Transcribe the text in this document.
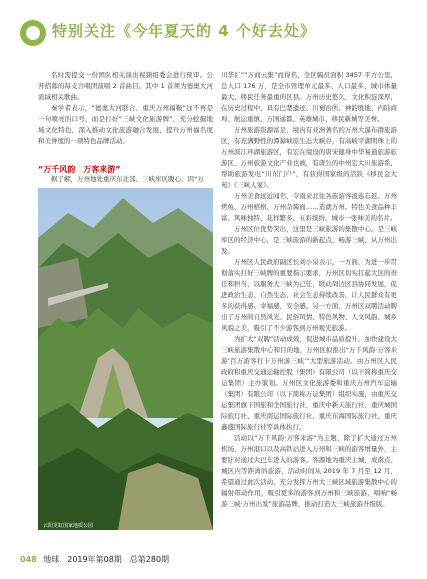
特别关注《今年夏天的 4 个好去处》

名时需提交一份团队相关演出视频组委会进行预审。公开招募的每支合唱团演唱 2 首曲目。其中 1 首须为德奥大河流域相关歌曲。

秦学者表示，“德奥大河联合、重庆万州福鞍”这不再是一句喷亮的口号，而是打好“三峡文化旅游牌”，充分挖掘地域文化特色，深入推动文化旅游融合发展，提升万州福名度和美誉度的一项特色品牌活动。

“万千风韵　万客来游”
据了解，万州地处重庆东北部、三峡库区腹心，因“万
云阳龙缸国家地质公园

川华汇”“万商云集”而得名，全区幅员面积 3457 平方公里，总人口 176 万，是全市管理单元最多、人口最多、城市体量最大、移民任务最重的区县。万州历史悠久，文化积淀深厚，在历史过程中，具有巴楚遗迹、川蜀治所、神韵胜地、内陆商埠、航运重镇、万国通都、英雄城市、移民新城等美誉。

万州旅游资源富足，境内有亚洲著名的万州大瀑布群旅游区，有充满野性的潭獐峡原生态大峡谷，有高峡平湖明珠上的万州滨江环湖旅游区，有宏在境设的唐宋健身中华易通旅游旅游区，万州旅游文化产业也被，有唐公的中州宏大川旅游系，帮助旅游发电“川东门户”，有获得国家级的活跃《移民金大苑》《三峡人家》。

万州美食远近闻名，令南来北往各旅游客流连忘返。万州烤鱼、万州格格、万州杂酱面……造就万州。特色美食品种丰富、风味独特、花样繁多、五彩缤纷。城市一张味美的名片。

万州区位优势突出，这里是三峡旅游的集散中心。是三峡库区的经济中心，是三峡旅游的新起点，畅游三峡，从万州出发。

万州区人民政府副区长刘小泉表示，一方面，为进一步贯彻落实打好三峡牌的重要指示要求，万州区切实扛起大区的责任和担当，以服务大三峡为己任，联动周边区县协同发展，促进政治生态、自然生态、社会生态持续改善，让人民群众有更多的获得感、幸福感、安全感。另一方面，万州区双聘活动聘出了万州的自然风光、民俗风情、特色风物、人文风韵、城乡风貌之美，吸引了不少游客到万州观光旅游。

为扩大“双聘”活动成效，促进城市品质提升，加快建设大三峡旅游集散中心和目的地，万州区拟推出“万千风韵·万客来游‘百万游客打卡万州游三峡’”大型旅游活动。由万州区人民政府和重庆交通运输控股（集团）有限公司（以下简称重庆交运集团）主办策划。万州区文化旅游委和重庆万州汽车运输（集团）有限公司（以下简称万运集团）组织实施，由重庆交运集团旗下国旅和全国旅行社，重庆中新天旅行社、重庆城国际旅行社、重庆南运国际旅行社、重庆东海国际旅行社、重庆鑫盛国际旅行社等具体执行。

活动以“万千风韵·万客来游”为主题，除了扩大通过万州机场、万州港口以及高铁站进入万州和三峡的游客增量外，主要针对通过大巴车进入的游客。客源地为重庆主城、成南点、城区内等距离的旅游，活动时间从 2019 年 7 月至 12 月，希望通过此次活动，充分发挥万州大三峡区域旅游集散中心的辐射带动作用，吸引更多的游客到万州和三峡旅游，唱响“畅游三峡·万州出发”旅游品牌，推动打造大三峡旅游升级版。

048 地球　2019年第08期　总第280期
